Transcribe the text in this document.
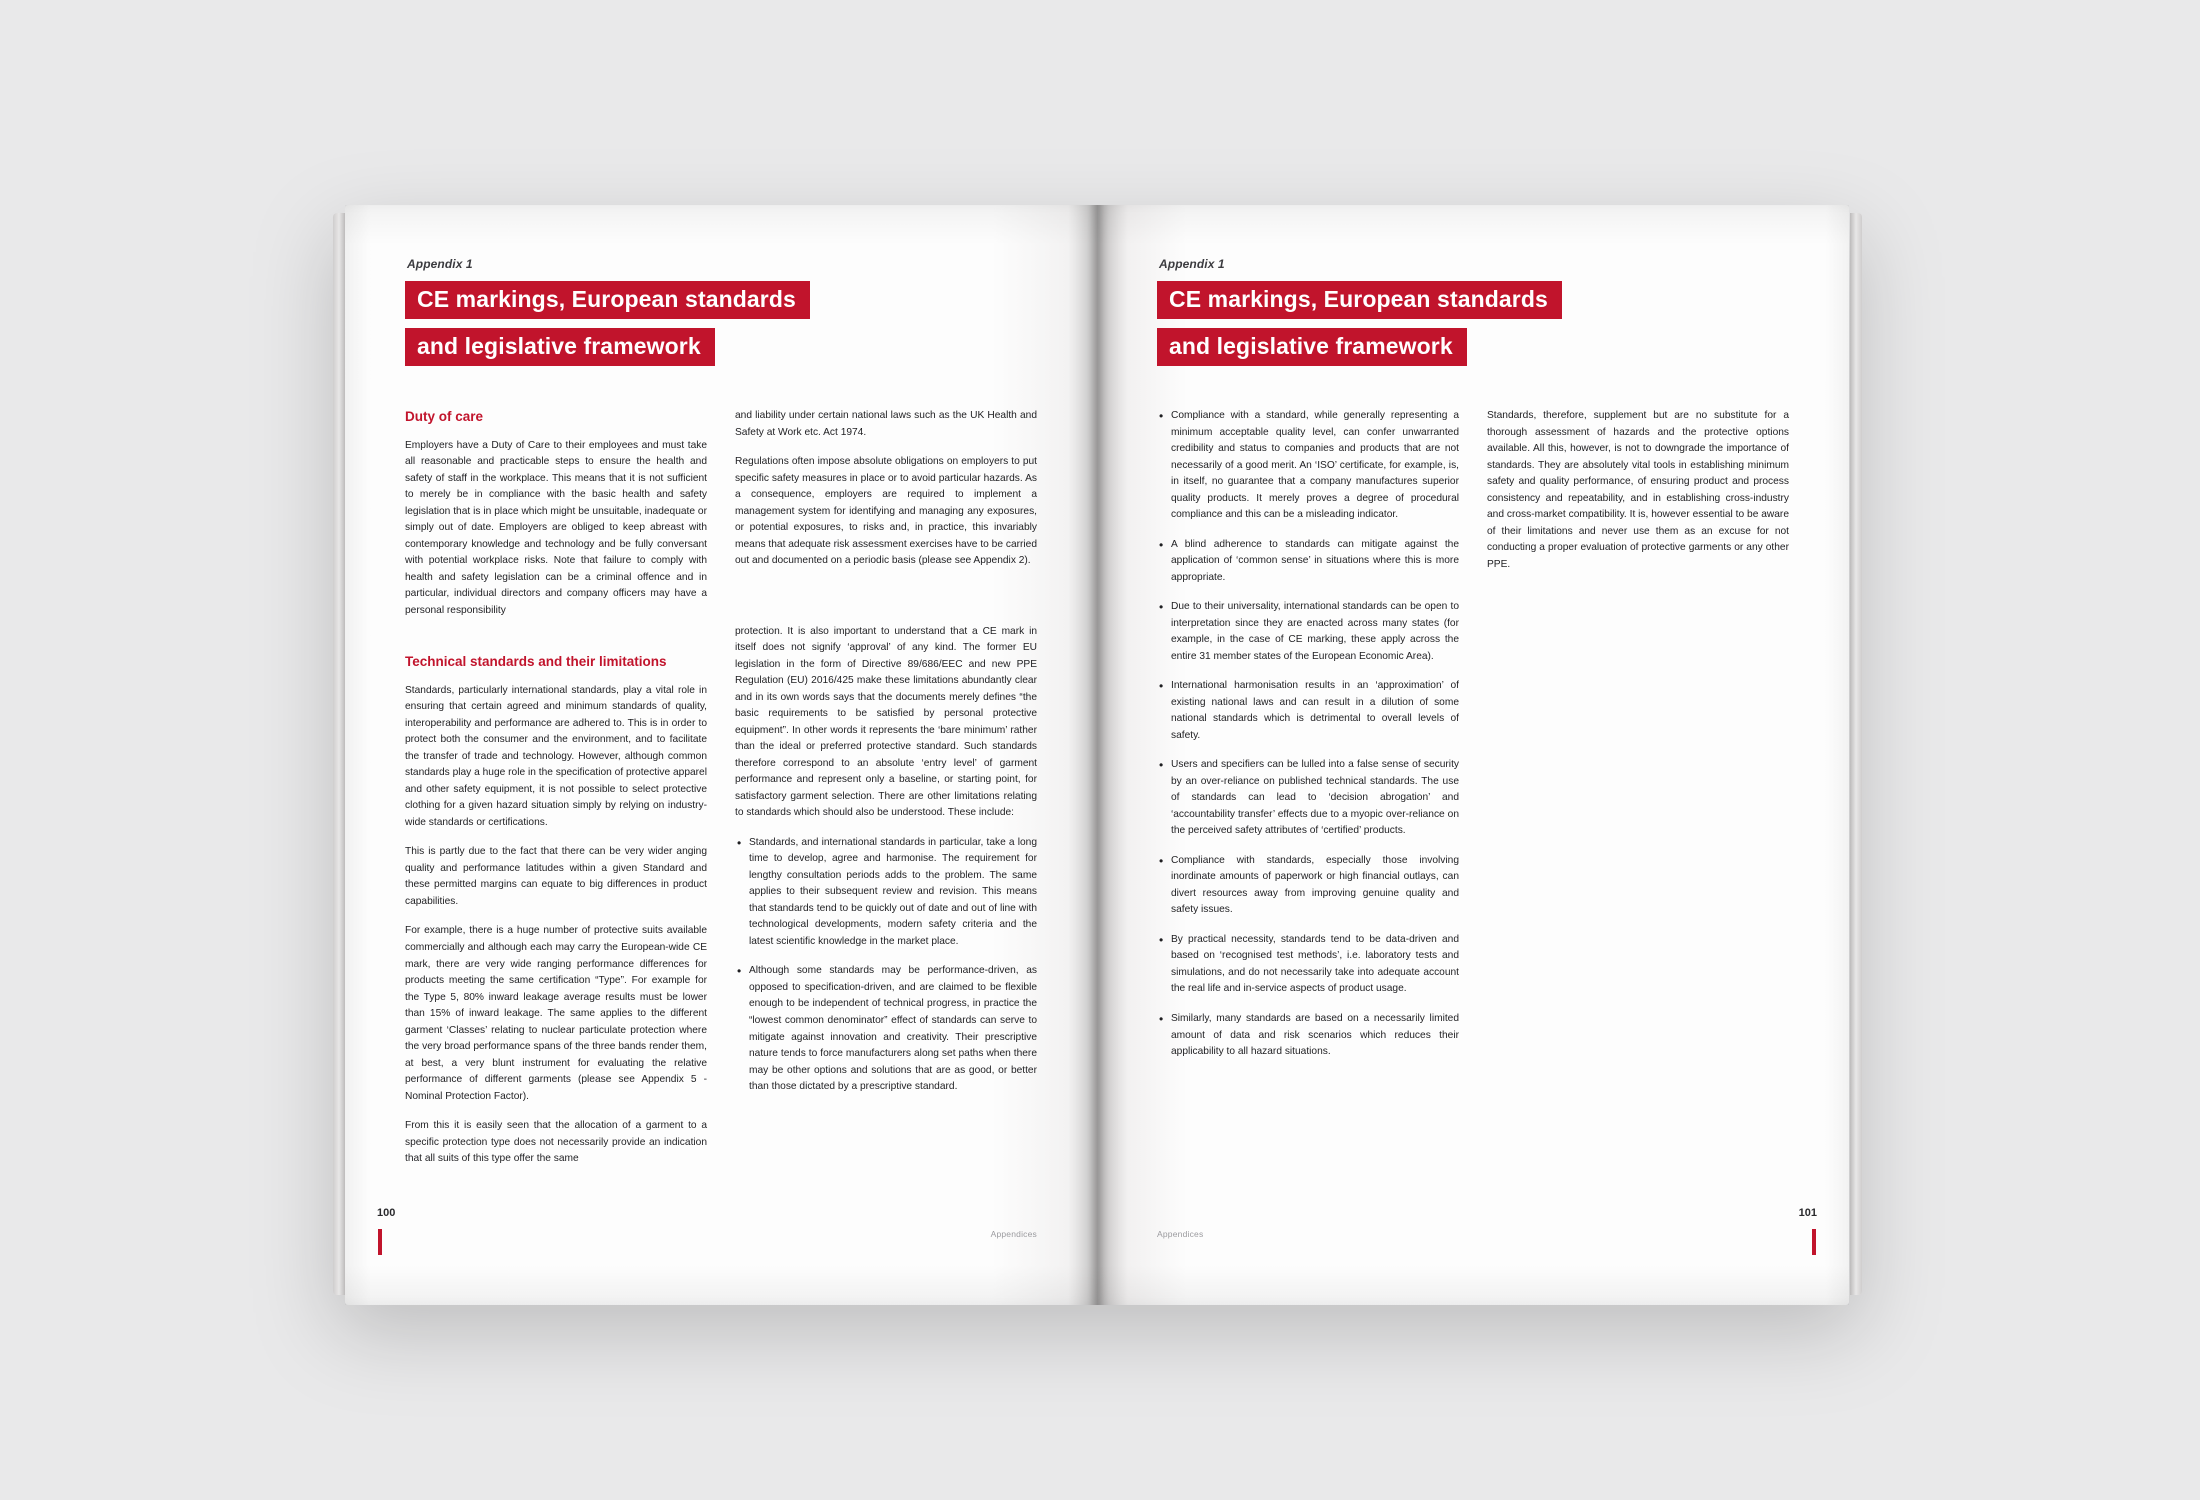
Appendix 1
CE markings, European standards and legislative framework
Duty of care

Employers have a Duty of Care to their employees and must take all reasonable and practicable steps to ensure the health and safety of staff in the workplace. This means that it is not sufficient to merely be in compliance with the basic health and safety legislation that is in place which might be unsuitable, inadequate or simply out of date. Employers are obliged to keep abreast with contemporary knowledge and technology and be fully conversant with potential workplace risks. Note that failure to comply with health and safety legislation can be a criminal offence and in particular, individual directors and company officers may have a personal responsibility

Technical standards and their limitations

Standards, particularly international standards, play a vital role in ensuring that certain agreed and minimum standards of quality, interoperability and performance are adhered to. This is in order to protect both the consumer and the environment, and to facilitate the transfer of trade and technology. However, although common standards play a huge role in the specification of protective apparel and other safety equipment, it is not possible to select protective clothing for a given hazard situation simply by relying on industry-wide standards or certifications.

This is partly due to the fact that there can be very wider anging quality and performance latitudes within a given Standard and these permitted margins can equate to big differences in product capabilities.

For example, there is a huge number of protective suits available commercially and although each may carry the European-wide CE mark, there are very wide ranging performance differences for products meeting the same certification “Type”. For example for the Type 5, 80% inward leakage average results must be lower than 15% of inward leakage. The same applies to the different garment ‘Classes’ relating to nuclear particulate protection where the very broad performance spans of the three bands render them, at best, a very blunt instrument for evaluating the relative performance of different garments (please see Appendix 5 - Nominal Protection Factor).

From this it is easily seen that the allocation of a garment to a specific protection type does not necessarily provide an indication that all suits of this type offer the same

and liability under certain national laws such as the UK Health and Safety at Work etc. Act 1974.

Regulations often impose absolute obligations on employers to put specific safety measures in place or to avoid particular hazards. As a consequence, employers are required to implement a management system for identifying and managing any exposures, or potential exposures, to risks and, in practice, this invariably means that adequate risk assessment exercises have to be carried out and documented on a periodic basis (please see Appendix 2).

protection. It is also important to understand that a CE mark in itself does not signify ‘approval’ of any kind. The former EU legislation in the form of Directive 89/686/EEC and new PPE Regulation (EU) 2016/425 make these limitations abundantly clear and in its own words says that the documents merely defines “the basic requirements to be satisfied by personal protective equipment”. In other words it represents the ‘bare minimum’ rather than the ideal or preferred protective standard. Such standards therefore correspond to an absolute ‘entry level’ of garment performance and represent only a baseline, or starting point, for satisfactory garment selection. There are other limitations relating to standards which should also be understood. These include:

• Standards, and international standards in particular, take a long time to develop, agree and harmonise. The requirement for lengthy consultation periods adds to the problem. The same applies to their subsequent review and revision. This means that standards tend to be quickly out of date and out of line with technological developments, modern safety criteria and the latest scientific knowledge in the market place.
• Although some standards may be performance-driven, as opposed to specification-driven, and are claimed to be flexible enough to be independent of technical progress, in practice the “lowest common denominator” effect of standards can serve to mitigate against innovation and creativity. Their prescriptive nature tends to force manufacturers along set paths when there may be other options and solutions that are as good, or better than those dictated by a prescriptive standard.
100
Appendices
Appendix 1
CE markings, European standards and legislative framework
• Compliance with a standard, while generally representing a minimum acceptable quality level, can confer unwarranted credibility and status to companies and products that are not necessarily of a good merit. An ‘ISO’ certificate, for example, is, in itself, no guarantee that a company manufactures superior quality products. It merely proves a degree of procedural compliance and this can be a misleading indicator.
• A blind adherence to standards can mitigate against the application of ‘common sense’ in situations where this is more appropriate.
• Due to their universality, international standards can be open to interpretation since they are enacted across many states (for example, in the case of CE marking, these apply across the entire 31 member states of the European Economic Area).
• International harmonisation results in an ‘approximation’ of existing national laws and can result in a dilution of some national standards which is detrimental to overall levels of safety.
• Users and specifiers can be lulled into a false sense of security by an over-reliance on published technical standards. The use of standards can lead to ‘decision abrogation’ and ‘accountability transfer’ effects due to a myopic over-reliance on the perceived safety attributes of ‘certified’ products.
• Compliance with standards, especially those involving inordinate amounts of paperwork or high financial outlays, can divert resources away from improving genuine quality and safety issues.
• By practical necessity, standards tend to be data-driven and based on ‘recognised test methods’, i.e. laboratory tests and simulations, and do not necessarily take into adequate account the real life and in-service aspects of product usage.
• Similarly, many standards are based on a necessarily limited amount of data and risk scenarios which reduces their applicability to all hazard situations.

Standards, therefore, supplement but are no substitute for a thorough assessment of hazards and the protective options available. All this, however, is not to downgrade the importance of standards. They are absolutely vital tools in establishing minimum safety and quality performance, of ensuring product and process consistency and repeatability, and in establishing cross-industry and cross-market compatibility. It is, however essential to be aware of their limitations and never use them as an excuse for not conducting a proper evaluation of protective garments or any other PPE.

101
Appendices
